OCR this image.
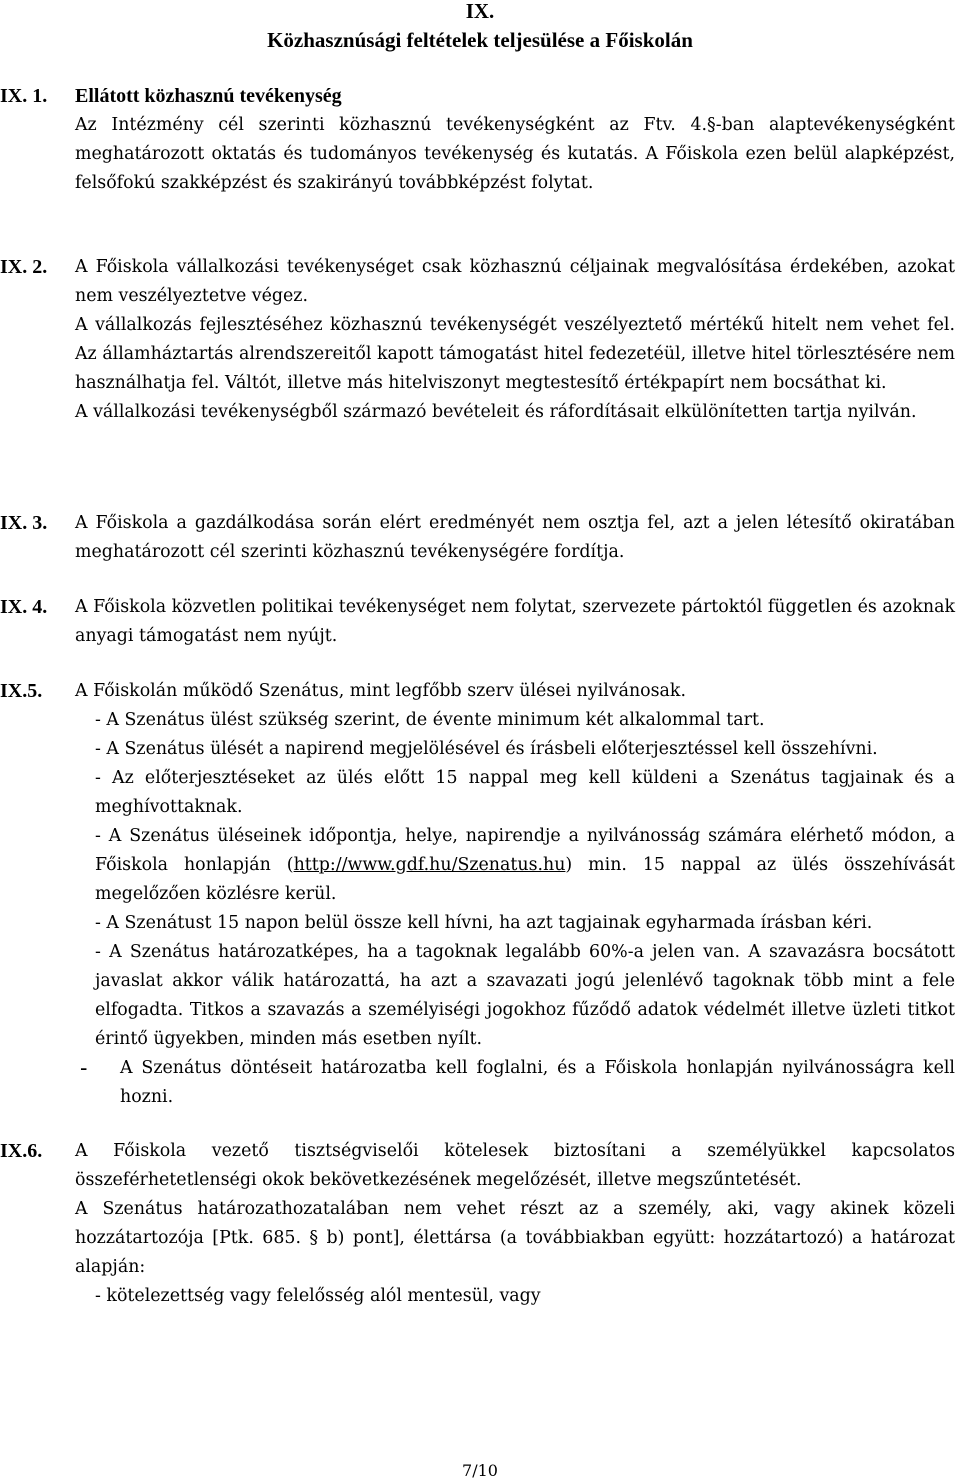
IX.
Közhasznúsági feltételek teljesülése a Főiskolán
IX. 1. Ellátott közhasznú tevékenység

Az Intézmény cél szerinti közhasznú tevékenységként az Ftv. 4.§-ban alaptevékenységként meghatározott oktatás és tudományos tevékenység és kutatás. A Főiskola ezen belül alapképzést, felsőfokú szakképzést és szakirányú továbbképzést folytat.

IX. 2. A Főiskola vállalkozási tevékenységet csak közhasznú céljainak megvalósítása érdekében, azokat nem veszélyeztetve végez.

A vállalkozás fejlesztéséhez közhasznú tevékenységét veszélyeztető mértékű hitelt nem vehet fel. Az államháztartás alrendszereitől kapott támogatást hitel fedezetéül, illetve hitel törlesztésére nem használhatja fel. Váltót, illetve más hitelviszonyt megtestesítő értékpapírt nem bocsáthat ki.

A vállalkozási tevékenységből származó bevételeit és ráfordításait elkülönítetten tartja nyilván.

IX. 3. A Főiskola a gazdálkodása során elért eredményét nem osztja fel, azt a jelen létesítő okiratában meghatározott cél szerinti közhasznú tevékenységére fordítja.

IX. 4. A Főiskola közvetlen politikai tevékenységet nem folytat, szervezete pártoktól független és azoknak anyagi támogatást nem nyújt.

IX.5. A Főiskolán működő Szenátus, mint legfőbb szerv ülései nyilvánosak.

- A Szenátus ülést szükség szerint, de évente minimum két alkalommal tart.

- A Szenátus ülését a napirend megjelölésével és írásbeli előterjesztéssel kell összehívni.

- Az előterjesztéseket az ülés előtt 15 nappal meg kell küldeni a Szenátus tagjainak és a meghívottaknak.

- A Szenátus üléseinek időpontja, helye, napirendje a nyilvánosság számára elérhető módon, a Főiskola honlapján (http://www.gdf.hu/Szenatus.hu) min. 15 nappal az ülés összehívását megelőzően közlésre kerül.

- A Szenátust 15 napon belül össze kell hívni, ha azt tagjainak egyharmada írásban kéri.

- A Szenátus határozatképes, ha a tagoknak legalább 60%-a jelen van. A szavazásra bocsátott javaslat akkor válik határozattá, ha azt a szavazati jogú jelenlévő tagoknak több mint a fele elfogadta. Titkos a szavazás a személyiségi jogokhoz fűződő adatok védelmét illetve üzleti titkot érintő ügyekben, minden más esetben nyílt.

- A Szenátus döntéseit határozatba kell foglalni, és a Főiskola honlapján nyilvánosságra kell hozni.

IX.6. A Főiskola vezető tisztségviselői kötelesek biztosítani a személyükkel kapcsolatos összeférhetetlenségi okok bekövetkezésének megelőzését, illetve megszűntetését.

A Szenátus határozathozatalában nem vehet részt az a személy, aki, vagy akinek közeli hozzátartozója [Ptk. 685. § b) pont], élettársa (a továbbiakban együtt: hozzátartozó) a határozat alapján:

- kötelezettség vagy felelősség alól mentesül, vagy

7/10
